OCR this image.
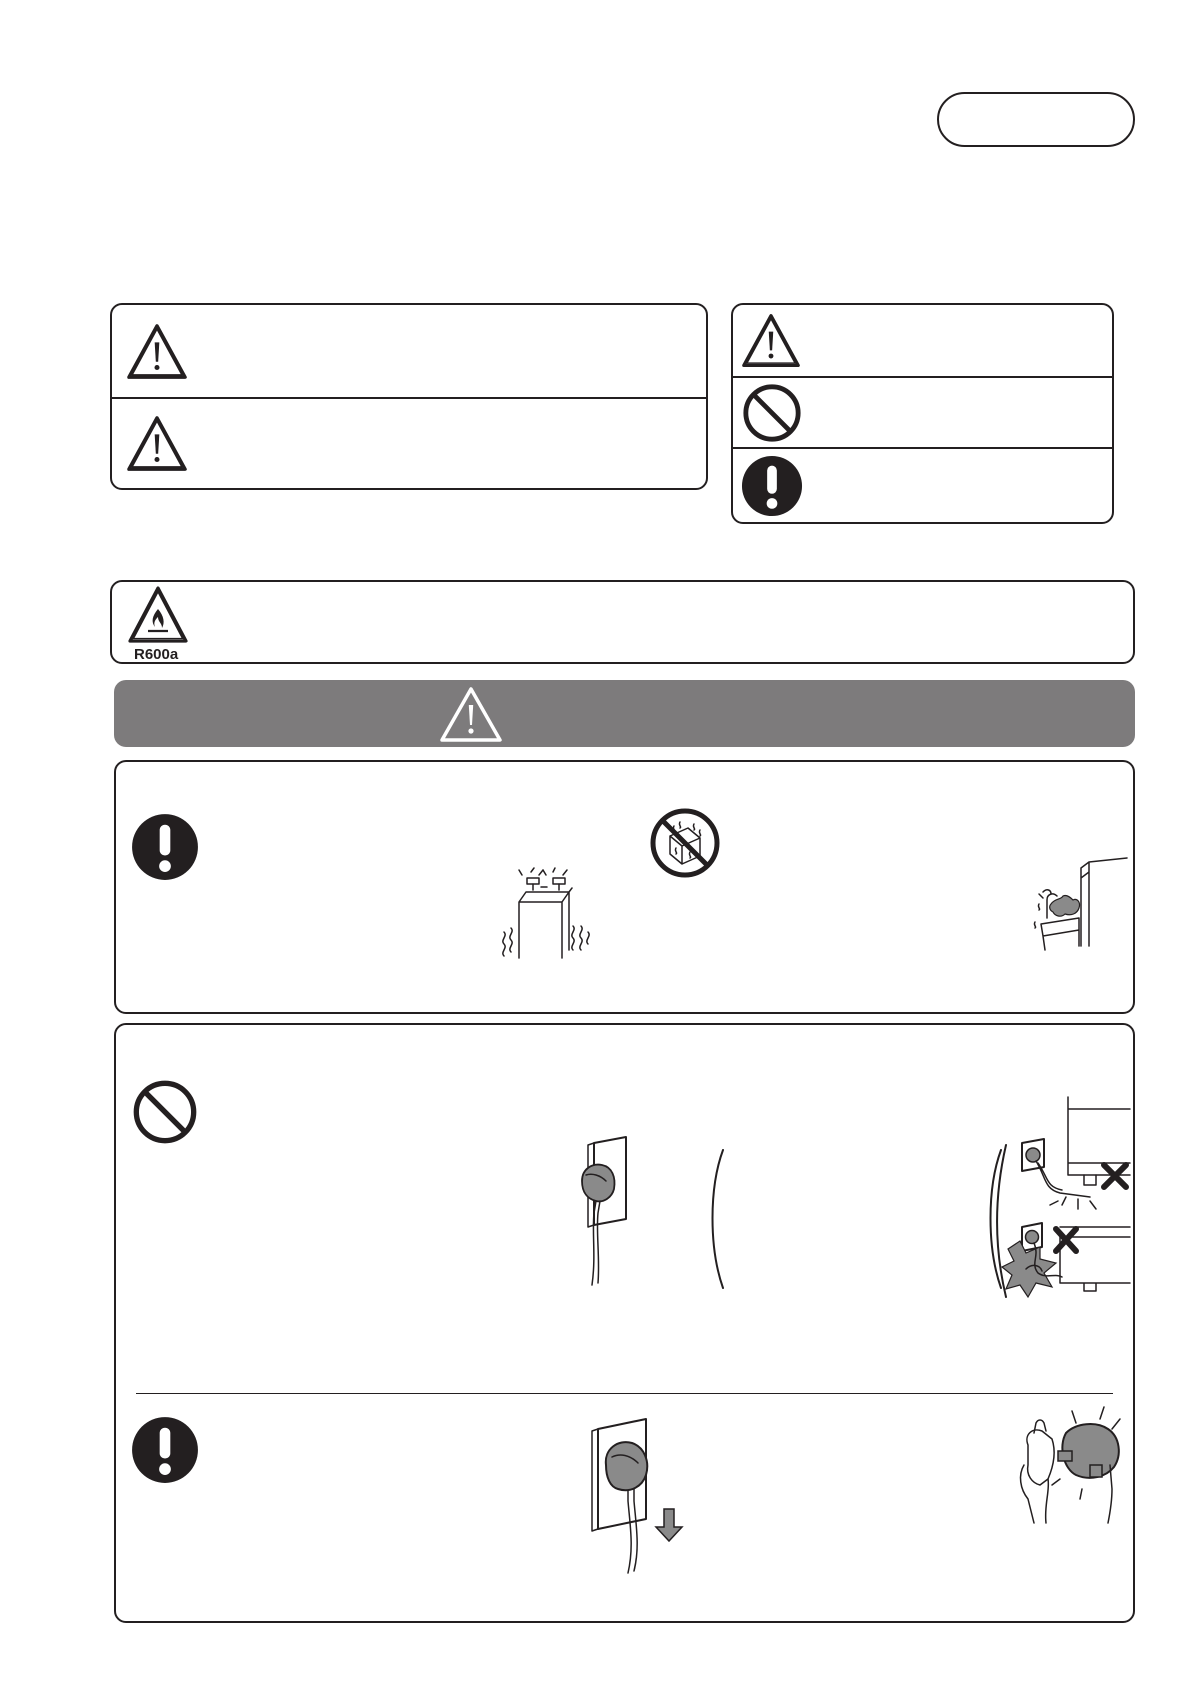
R600a
